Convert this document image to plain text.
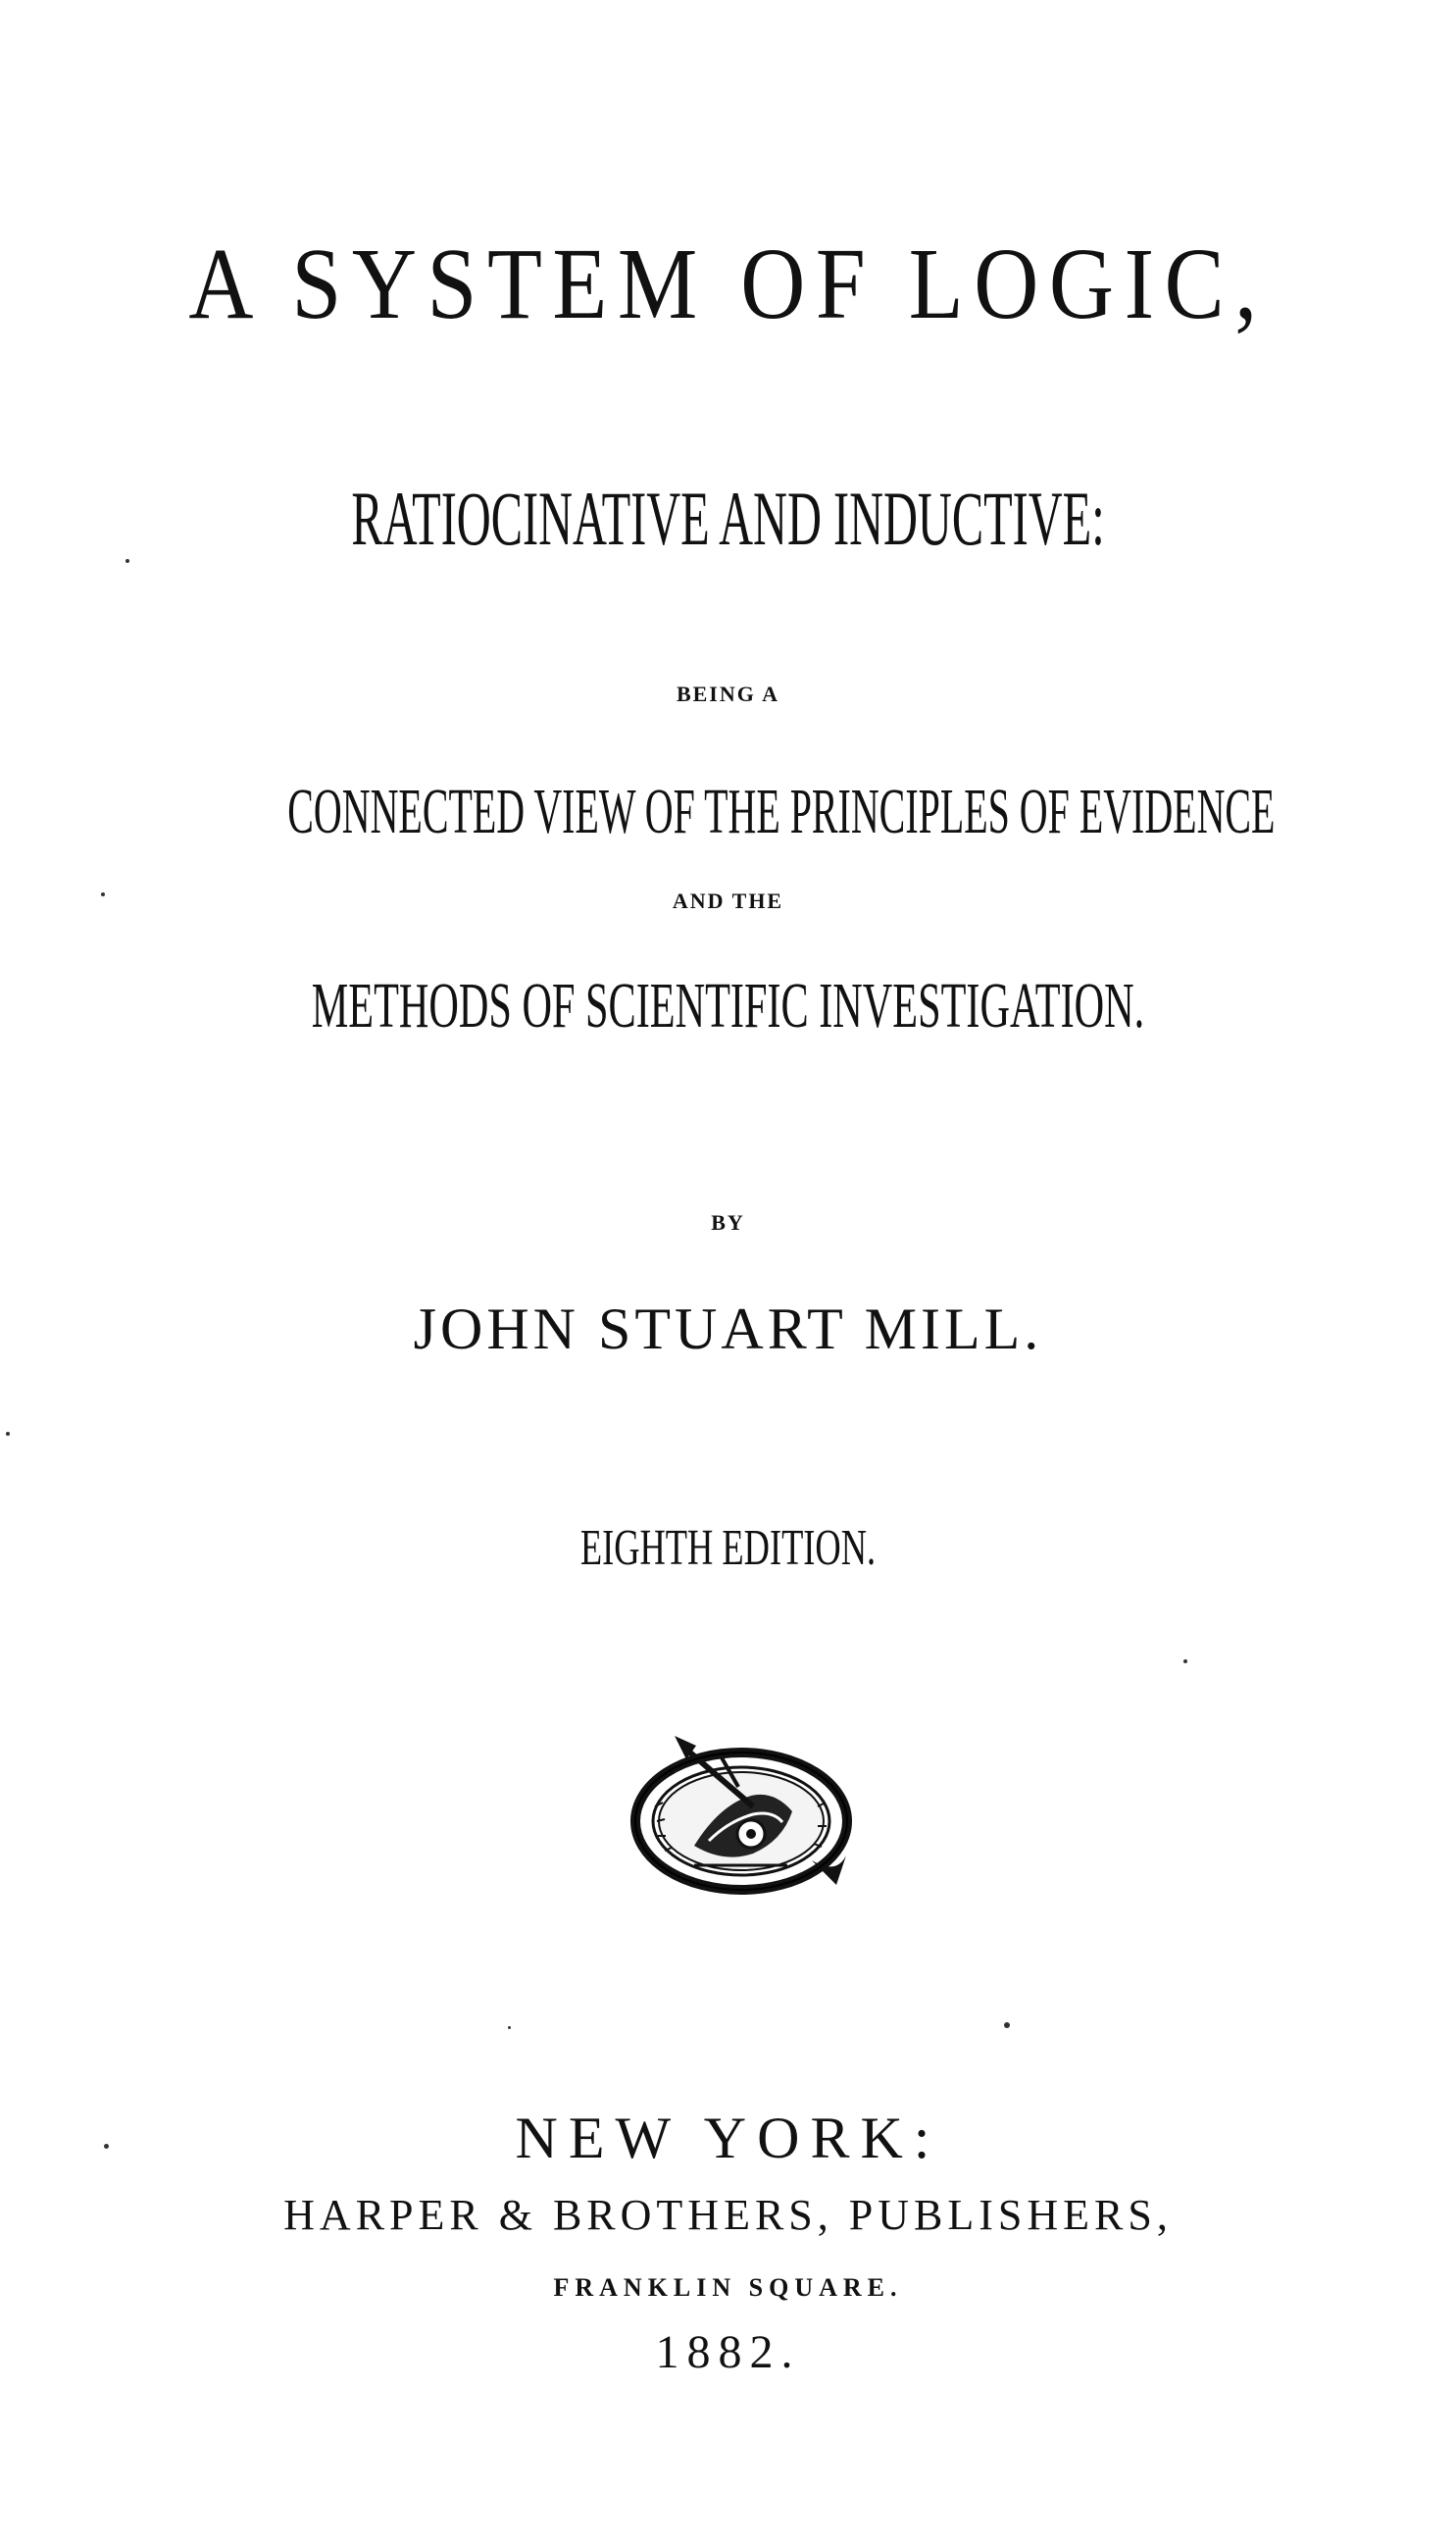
A SYSTEM OF LOGIC,
RATIOCINATIVE AND INDUCTIVE:
BEING A
CONNECTED VIEW OF THE PRINCIPLES OF EVIDENCE
AND THE
METHODS OF SCIENTIFIC INVESTIGATION.
BY
JOHN STUART MILL.
EIGHTH EDITION.
NEW YORK:
HARPER & BROTHERS, PUBLISHERS,
FRANKLIN SQUARE.
1882.
